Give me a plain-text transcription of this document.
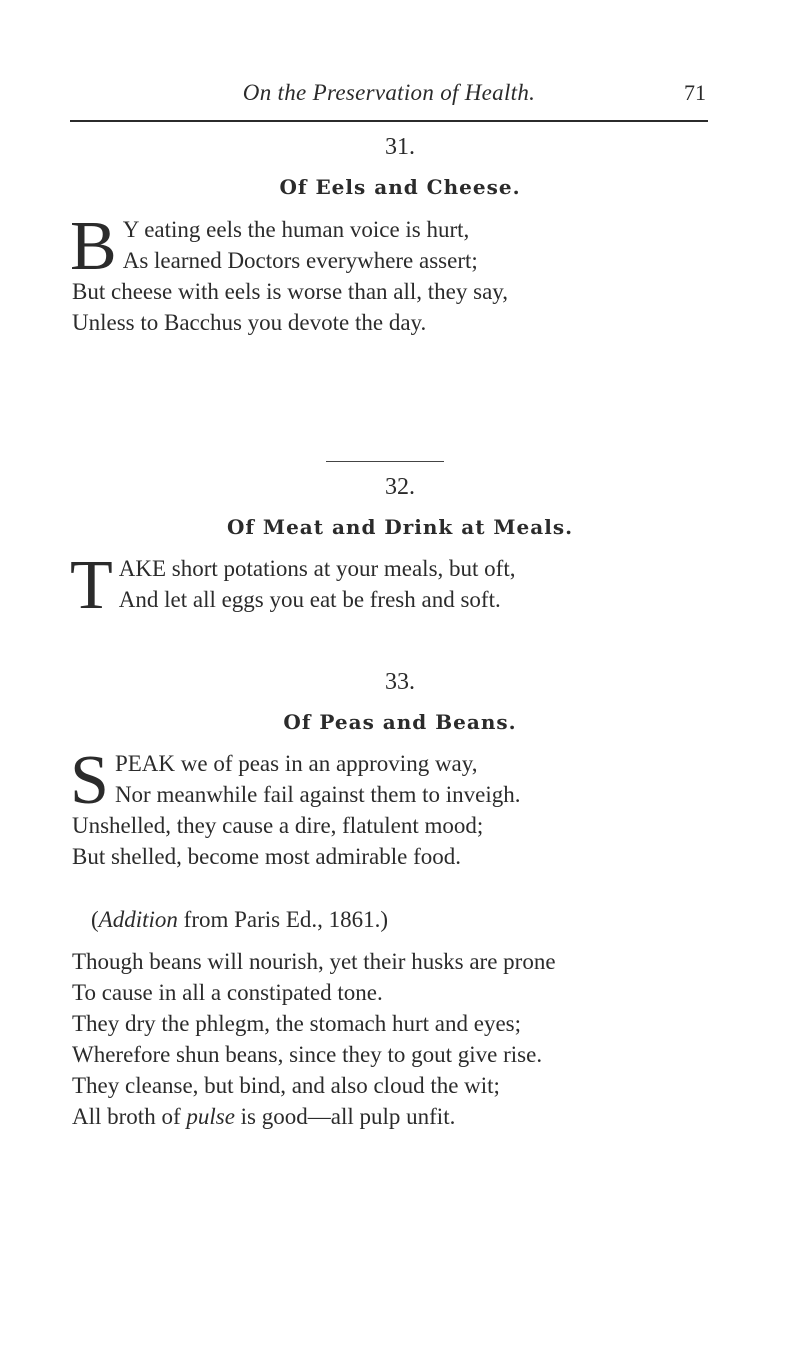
On the Preservation of Health.	71
31.
Of Eels and Cheese.
B Y eating eels the human voice is hurt,
As learned Doctors everywhere assert;
But cheese with eels is worse than all, they say,
Unless to Bacchus you devote the day.
32.
Of Meat and Drink at Meals.
T AKE short potations at your meals, but oft,
And let all eggs you eat be fresh and soft.
33.
Of Peas and Beans.
S PEAK we of peas in an approving way,
Nor meanwhile fail against them to inveigh.
Unshelled, they cause a dire, flatulent mood;
But shelled, become most admirable food.
(Addition from Paris Ed., 1861.)
Though beans will nourish, yet their husks are prone
To cause in all a constipated tone.
They dry the phlegm, the stomach hurt and eyes;
Wherefore shun beans, since they to gout give rise.
They cleanse, but bind, and also cloud the wit;
All broth of pulse is good—all pulp unfit.
